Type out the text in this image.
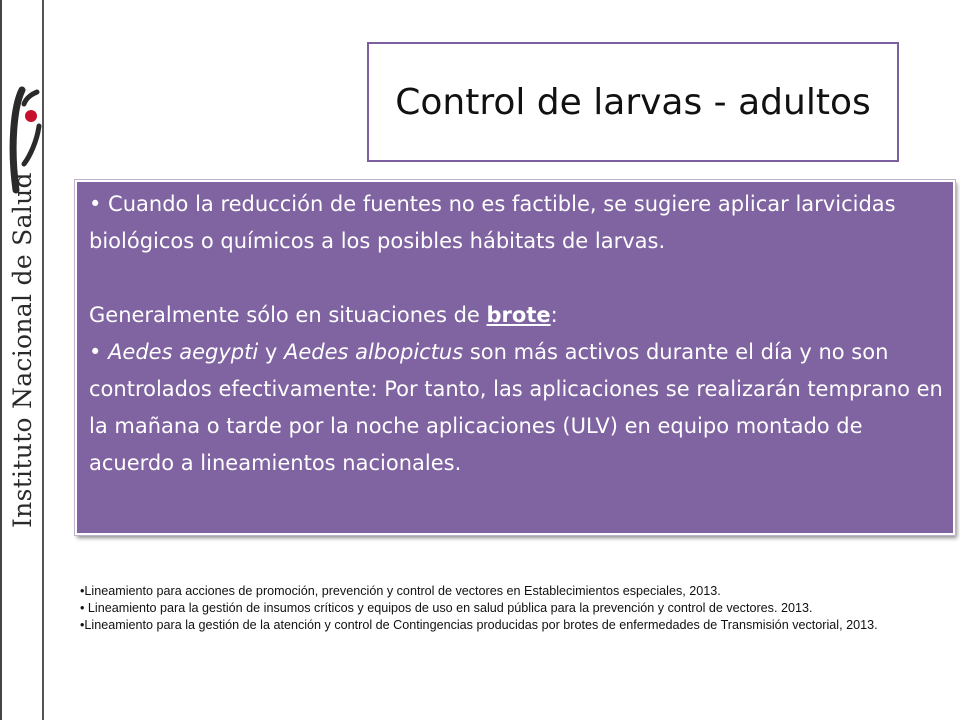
Instituto Nacional de Salud
Control de larvas - adultos

• Cuando la reducción de fuentes no es factible, se sugiere aplicar larvicidas biológicos o químicos a los posibles hábitats de larvas.

Generalmente sólo en situaciones de brote:

• Aedes aegypti y Aedes albopictus son más activos durante el día y no son controlados efectivamente: Por tanto, las aplicaciones se realizarán temprano en la mañana o tarde por la noche aplicaciones (ULV) en equipo montado de acuerdo a lineamientos nacionales.

•Lineamiento para acciones de promoción, prevención y control de vectores en Establecimientos especiales, 2013.

• Lineamiento para la gestión de insumos críticos y equipos de uso en salud pública para la prevención y control de vectores. 2013.

•Lineamiento para la gestión de la atención y control de Contingencias producidas por brotes de enfermedades de Transmisión vectorial, 2013.
